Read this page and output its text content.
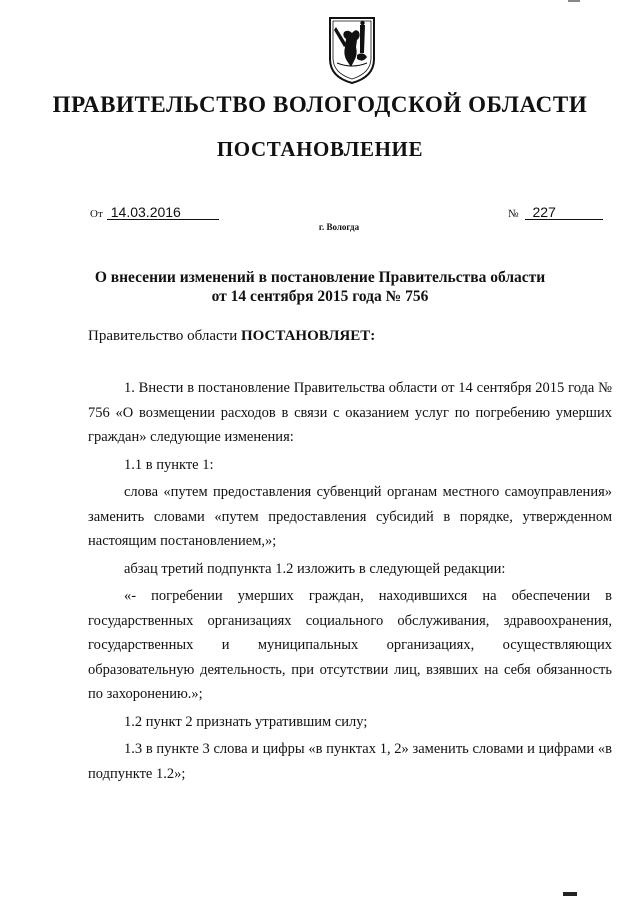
ПРАВИТЕЛЬСТВО ВОЛОГОДСКОЙ ОБЛАСТИ
ПОСТАНОВЛЕНИЕ
От 14.03.2016	№ 227
г. Вологда
О внесении изменений в постановление Правительства области
от 14 сентября 2015 года № 756
Правительство области ПОСТАНОВЛЯЕТ:

1. Внести в постановление Правительства области от 14 сентября 2015 года № 756 «О возмещении расходов в связи с оказанием услуг по погребению умерших граждан» следующие изменения:

1.1 в пункте 1:

слова «путем предоставления субвенций органам местного самоуправления» заменить словами «путем предоставления субсидий в порядке, утвержденном настоящим постановлением,»;

абзац третий подпункта 1.2 изложить в следующей редакции:

«- погребении умерших граждан, находившихся на обеспечении в государственных организациях социального обслуживания, здравоохранения, государственных и муниципальных организациях, осуществляющих образовательную деятельность, при отсутствии лиц, взявших на себя обязанность по захоронению.»;

1.2 пункт 2 признать утратившим силу;

1.3 в пункте 3 слова и цифры «в пунктах 1, 2» заменить словами и цифрами «в подпункте 1.2»;
